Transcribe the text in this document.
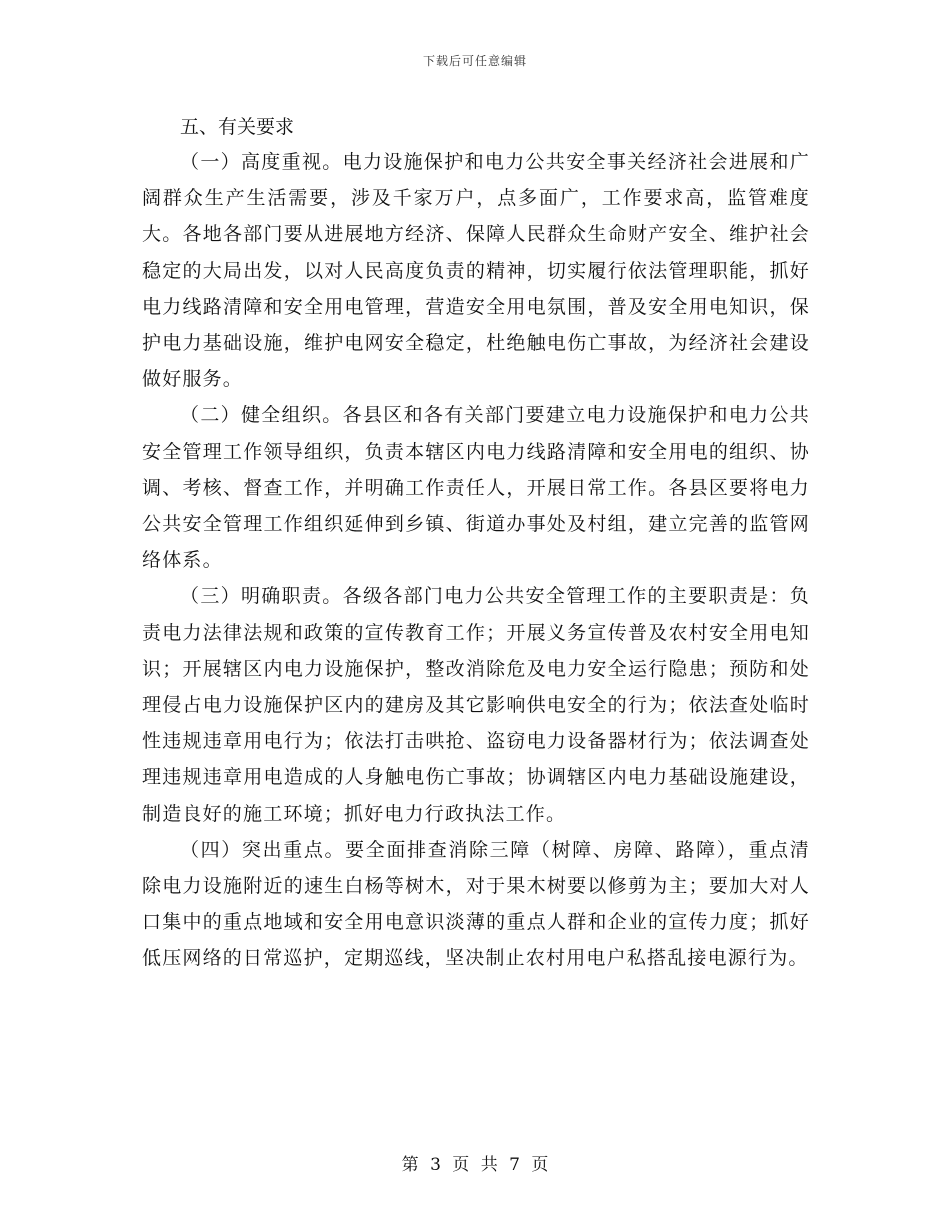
下载后可任意编辑

五、有关要求

（一）高度重视。电力设施保护和电力公共安全事关经济社会进展和广阔群众生产生活需要，涉及千家万户，点多面广，工作要求高，监管难度大。各地各部门要从进展地方经济、保障人民群众生命财产安全、维护社会稳定的大局出发，以对人民高度负责的精神，切实履行依法管理职能，抓好电力线路清障和安全用电管理，营造安全用电氛围，普及安全用电知识，保护电力基础设施，维护电网安全稳定，杜绝触电伤亡事故，为经济社会建设做好服务。

（二）健全组织。各县区和各有关部门要建立电力设施保护和电力公共安全管理工作领导组织，负责本辖区内电力线路清障和安全用电的组织、协调、考核、督查工作，并明确工作责任人，开展日常工作。各县区要将电力公共安全管理工作组织延伸到乡镇、街道办事处及村组，建立完善的监管网络体系。

（三）明确职责。各级各部门电力公共安全管理工作的主要职责是：负责电力法律法规和政策的宣传教育工作；开展义务宣传普及农村安全用电知识；开展辖区内电力设施保护，整改消除危及电力安全运行隐患；预防和处理侵占电力设施保护区内的建房及其它影响供电安全的行为；依法查处临时性违规违章用电行为；依法打击哄抢、盗窃电力设备器材行为；依法调查处理违规违章用电造成的人身触电伤亡事故；协调辖区内电力基础设施建设，制造良好的施工环境；抓好电力行政执法工作。

（四）突出重点。要全面排查消除三障（树障、房障、路障），重点清除电力设施附近的速生白杨等树木，对于果木树要以修剪为主；要加大对人口集中的重点地域和安全用电意识淡薄的重点人群和企业的宣传力度；抓好低压网络的日常巡护，定期巡线，坚决制止农村用电户私搭乱接电源行为。

第 3 页 共 7 页
